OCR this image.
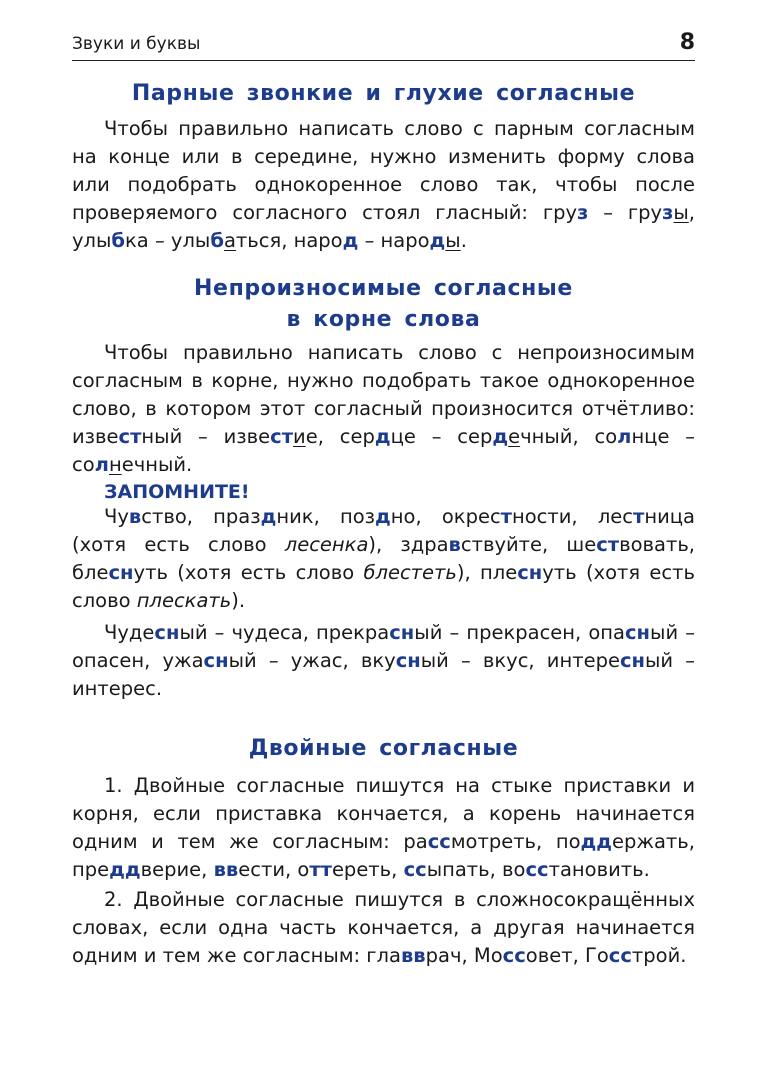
Звуки и буквы	8
Парные звонкие и глухие согласные

Чтобы правильно написать слово с парным согласным на конце или в середине, нужно изменить форму слова или подобрать однокоренное слово так, чтобы после проверяемого согласного стоял гласный: груз – грузы, улыбка – улыбаться, народ – народы.

Непроизносимые согласные
в корне слова

Чтобы правильно написать слово с непроизносимым согласным в корне, нужно подобрать такое однокоренное слово, в котором этот согласный произносится отчётливо: известный – известие, сердце – сердечный, солнце – солнечный.

ЗАПОМНИТЕ!

Чувство, праздник, поздно, окрестности, лестница (хотя есть слово лесенка), здравствуйте, шествовать, блеснуть (хотя есть слово блестеть), плеснуть (хотя есть слово плескать).

Чудесный – чудеса, прекрасный – прекрасен, опасный – опасен, ужасный – ужас, вкусный – вкус, интересный – интерес.

Двойные согласные

1. Двойные согласные пишутся на стыке приставки и корня, если приставка кончается, а корень начинается одним и тем же согласным: рассмотреть, поддержать, преддверие, ввести, оттереть, ссыпать, восстановить.

2. Двойные согласные пишутся в сложносокращённых словах, если одна часть кончается, а другая начинается одним и тем же согласным: главврач, Моссовет, Госстрой.
